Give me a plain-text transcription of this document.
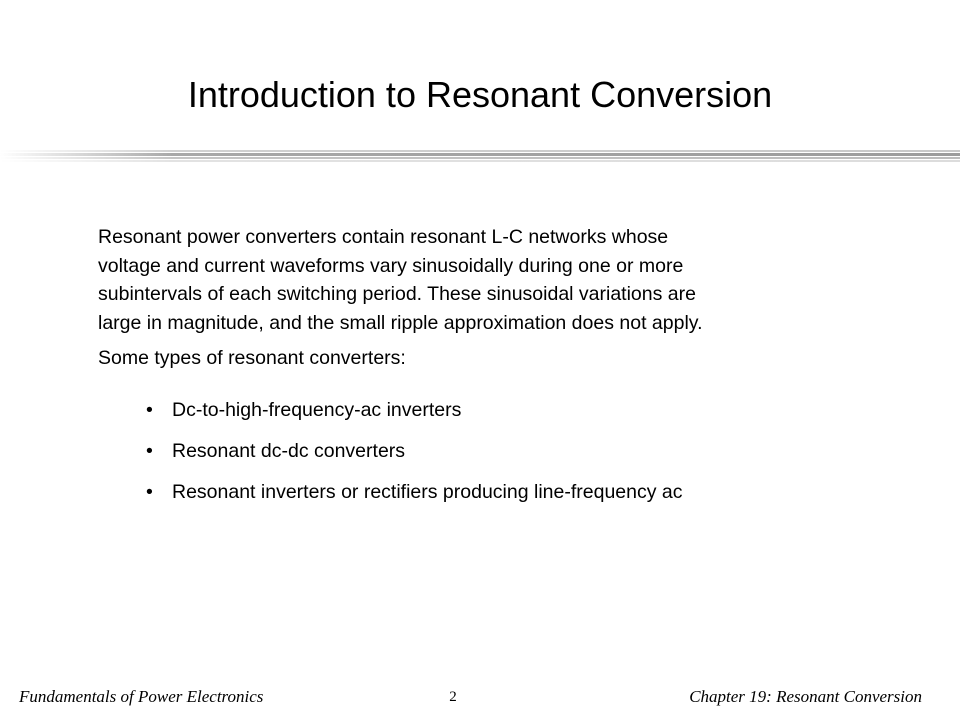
Introduction to Resonant Conversion

Resonant power converters contain resonant L-C networks whose
voltage and current waveforms vary sinusoidally during one or more
subintervals of each switching period. These sinusoidal variations are
large in magnitude, and the small ripple approximation does not apply.

Some types of resonant converters:

• Dc-to-high-frequency-ac inverters
• Resonant dc-dc converters
• Resonant inverters or rectifiers producing line-frequency ac
Fundamentals of Power Electronics	2	Chapter 19: Resonant Conversion
